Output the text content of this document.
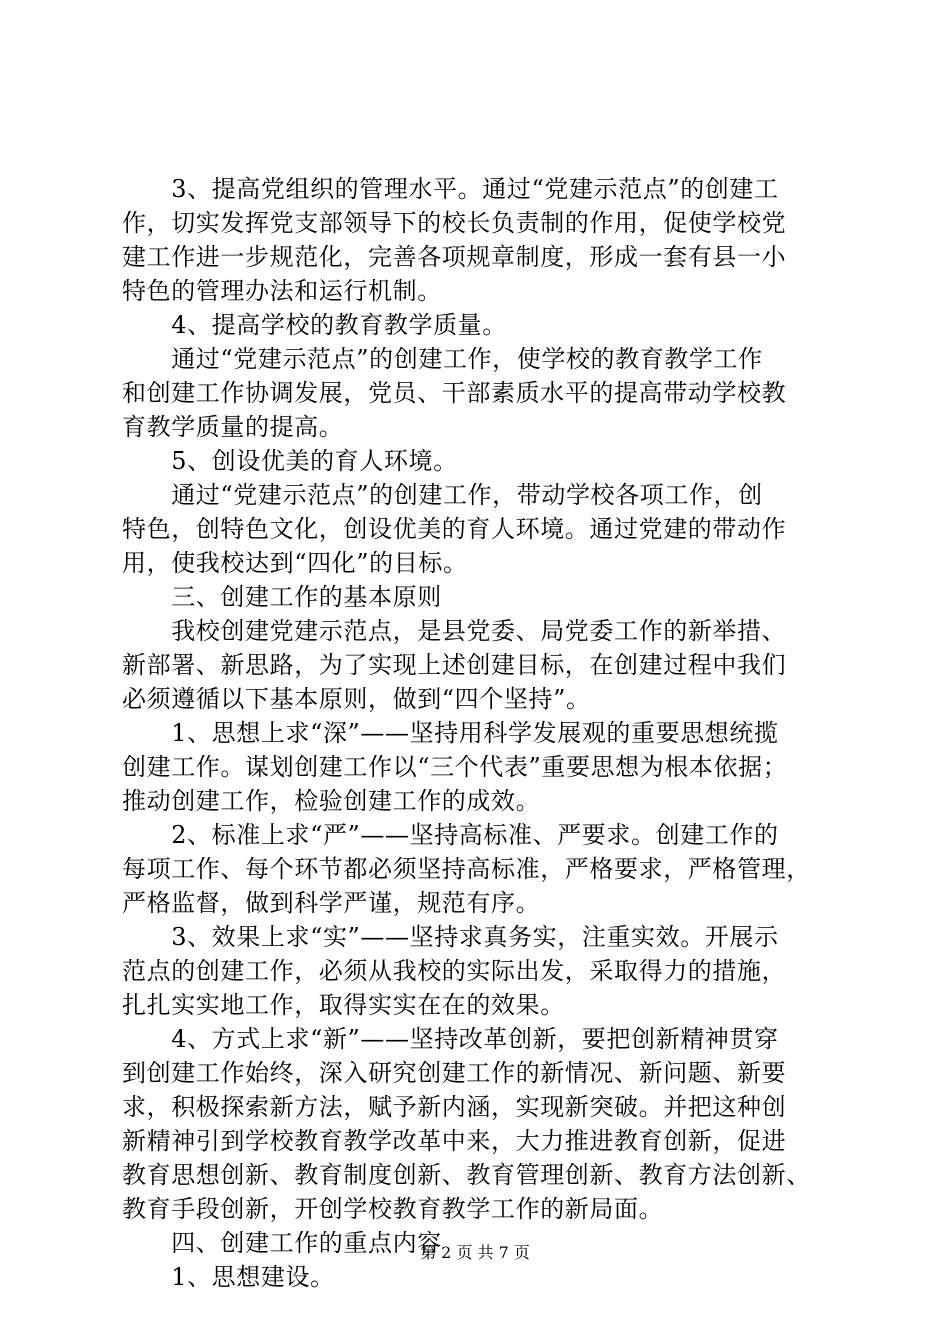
　　3、提高党组织的管理水平。通过“党建示范点”的创建工
作，切实发挥党支部领导下的校长负责制的作用，促使学校党
建工作进一步规范化，完善各项规章制度，形成一套有县一小
特色的管理办法和运行机制。
　　4、提高学校的教育教学质量。
　　通过“党建示范点”的创建工作，使学校的教育教学工作
和创建工作协调发展，党员、干部素质水平的提高带动学校教
育教学质量的提高。
　　5、创设优美的育人环境。
　　通过“党建示范点”的创建工作，带动学校各项工作，创
特色，创特色文化，创设优美的育人环境。通过党建的带动作
用，使我校达到“四化”的目标。
　　三、创建工作的基本原则
　　我校创建党建示范点，是县党委、局党委工作的新举措、
新部署、新思路，为了实现上述创建目标，在创建过程中我们
必须遵循以下基本原则，做到“四个坚持”。
　　1、思想上求“深”——坚持用科学发展观的重要思想统揽
创建工作。谋划创建工作以“三个代表”重要思想为根本依据；
推动创建工作，检验创建工作的成效。
　　2、标准上求“严”——坚持高标准、严要求。创建工作的
每项工作、每个环节都必须坚持高标准，严格要求，严格管理，
严格监督，做到科学严谨，规范有序。
　　3、效果上求“实”——坚持求真务实，注重实效。开展示
范点的创建工作，必须从我校的实际出发，采取得力的措施，
扎扎实实地工作，取得实实在在的效果。
　　4、方式上求“新”——坚持改革创新，要把创新精神贯穿
到创建工作始终，深入研究创建工作的新情况、新问题、新要
求，积极探索新方法，赋予新内涵，实现新突破。并把这种创
新精神引到学校教育教学改革中来，大力推进教育创新，促进
教育思想创新、教育制度创新、教育管理创新、教育方法创新、
教育手段创新，开创学校教育教学工作的新局面。
　　四、创建工作的重点内容
　　1、思想建设。
第 2 页 共 7 页
